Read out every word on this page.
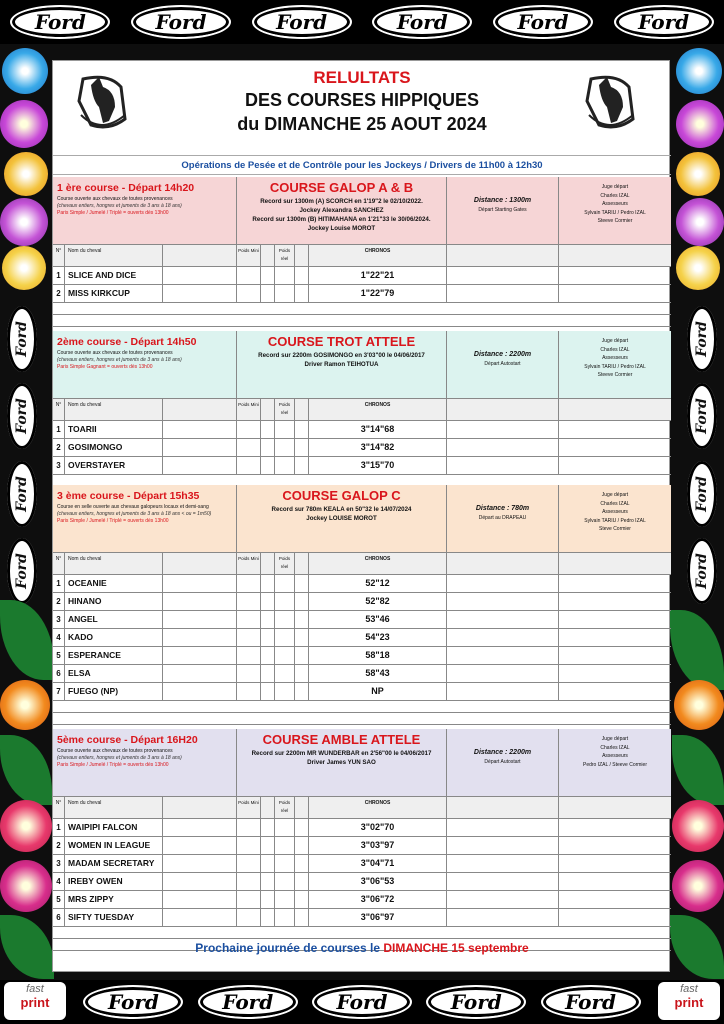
Ford	Ford	Ford	Ford	Ford	Ford
Ford	Ford	Ford	Ford	Ford
Ford
Ford
Ford
Ford
Ford
Ford
Ford
Ford
fast
print
fast
print
RELULTATS
DES COURSES HIPPIQUES
du DIMANCHE 25 AOUT 2024
Opérations de Pesée et de Contrôle pour les Jockeys / Drivers de 11h00 à 12h30
1 ère course - Départ 14h20
Course ouverte aux chevaux de toutes provenances
(chevaux entiers, hongres et juments de 3 ans à 18 ans)
Paris Simple / Jumelé / Triplé = ouverts dès 13h00
COURSE GALOP A & B
Record sur 1300m (A) SCORCH en 1'19"2 le 02/10/2022.
Jockey Alexandra SANCHEZ
Record sur 1300m (B) HITIMAHANA en 1'21"33 le 30/06/2024.
Jockey Louise MOROT
Distance : 1300m
Départ Starting Gates
Juge départ
Charles IZAL
Assesseurs
Sylvain TARIU / Pedro IZAL
Steeve Cormier
N°	Nom du cheval	Poids Mini	Poids réel
CHRONOS
1 SLICE AND DICE	1"22"21
2 MISS KIRKCUP	1"22"79
2ème course - Départ 14h50
Course ouverte aux chevaux de toutes provenances
(chevaux entiers, hongres et juments de 3 ans à 18 ans)
Paris Simple Gagnant = ouverts dès 13h00
COURSE TROT ATTELE
Record sur 2200m GOSIMONGO en 3'03"00 le 04/06/2017
Driver Ramon TEIHOTUA
Distance : 2200m
Départ Autostart
Juge départ
Charles IZAL
Assesseurs
Sylvain TARIU / Pedro IZAL
Steeve Cormier
N°	Nom du cheval	Poids Mini	Poids réel
CHRONOS
1 TOARII	3"14"68
2 GOSIMONGO	3"14"82
3 OVERSTAYER	3"15"70
3 ème course - Départ 15h35
Course en selle ouverte aux chevaux galopeurs locaux et demi-sang
(chevaux entiers, hongres et juments de 3 ans à 18 ans < ou = 1m50)
Paris Simple / Jumelé / Triplé = ouverts dès 13h00
COURSE GALOP C
Record sur 780m KEALA en 50"32 le 14/07/2024
Jockey LOUISE MOROT
Distance : 780m
Départ au DRAPEAU
Juge départ
Charles IZAL
Assesseurs
Sylvain TARIU / Pedro IZAL
Steve Cormier
N°	Nom du cheval	Poids Mini	Poids réel
CHRONOS
1 OCEANIE	52"12
2 HINANO	52"82
3 ANGEL	53"46
4 KADO	54"23
5 ESPERANCE	58"18
6 ELSA	58"43
7 FUEGO (NP)	NP
5ème course - Départ 16H20
Course ouverte aux chevaux de toutes provenances
(chevaux entiers, hongres et juments de 3 ans à 18 ans)
Paris Simple / Jumelé / Triplé = ouverts dès 13h00
COURSE AMBLE ATTELE
Record sur 2200m MR WUNDERBAR en 2'56"00 le 04/06/2017
Driver James YUN SAO
Distance : 2200m
Départ Autostart
Juge départ
Charles IZAL
Assesseurs
Pedro IZAL / Steeve Cormier
N°	Nom du cheval	Poids Mini	Poids réel
CHRONOS
1 WAIPIPI FALCON	3"02"70
2 WOMEN IN LEAGUE	3"03"97
3 MADAM SECRETARY	3"04"71
4 IREBY OWEN	3"06"53
5 MRS ZIPPY	3"06"72
6 SIFTY TUESDAY	3"06"97
Prochaine journée de courses le DIMANCHE 15 septembre
